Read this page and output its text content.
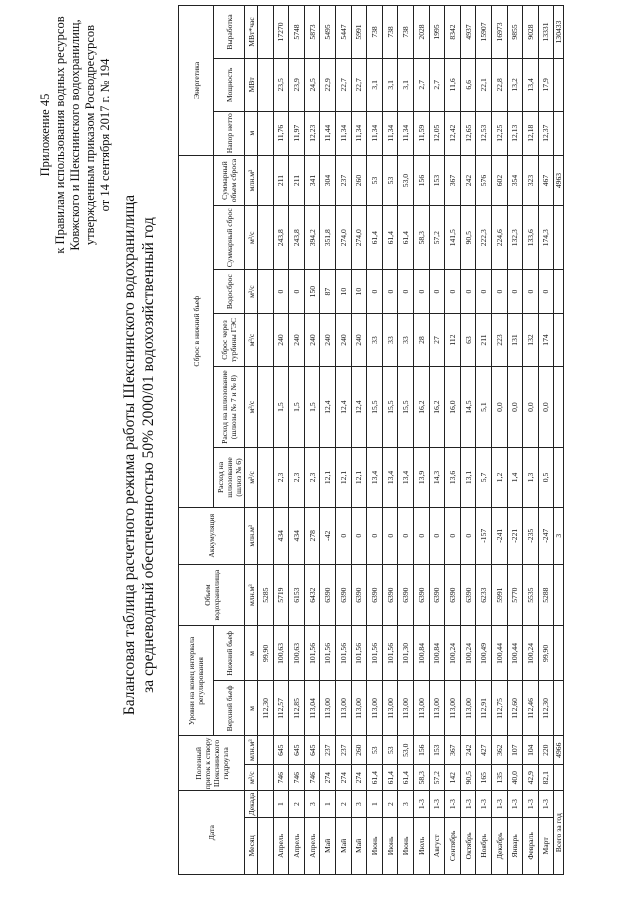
Приложение 45 к Правилам использования водных ресурсов Ковжского и Шекснинского водохранилищ, утвержденным приказом Росводресурсов от 14 сентября 2017 г. № 194
Балансовая таблица расчетного режима работы Шекснинского водохранилища за средневодный обеспеченностью 50% 2000/01 водохозяйственный год
Дата		Полезный приток к створу Шекснинского гидроузла		Уровни на конец интервала регулирования		Объем водохранилища	Аккумуляция	Сброс в нижний бьеф						Энергетика		
				Верхний бьеф	Нижний бьеф			Расход на шлюзование (шлюз № 6)	Расход на шлюзование (шлюзы № 7 и № 8)	Сброс через турбины ГЭС	Водосброс	Суммарный сброс	Суммарный объем сброса	Напор нетто	Мощность	Выработка
Месяц	Декада	м³/с	млн.м³	м	м	млн.м³	млн.м³	м³/с	м³/с	м³/с	м³/с	м³/с	млн.м³	м	МВт	МВт*час
				112,30	99,90	5285										
Апрель	1	746	645	112,57	100,63	5719	434	2,3	1,5	240	0	243,8	211	11,76	23,5	17270
Апрель	2	746	645	112,85	100,63	6153	434	2,3	1,5	240	0	243,8	211	11,97	23,9	5748
Апрель	3	746	645	113,04	101,56	6432	278	2,3	1,5	240	150	394,2	341	12,23	24,5	5873
Май	1	274	237	113,00	101,56	6390	-42	12,1	12,4	240	87	351,8	304	11,44	22,9	5495
Май	2	274	237	113,00	101,56	6390	0	12,1	12,4	240	10	274,0	237	11,34	22,7	5447
Май	3	274	260	113,00	101,56	6390	0	12,1	12,4	240	10	274,0	260	11,34	22,7	5991
Июнь	1	61,4	53	113,00	101,56	6390	0	13,4	15,5	33	0	61,4	53	11,34	3,1	738
Июнь	2	61,4	53	113,00	101,56	6390	0	13,4	15,5	33	0	61,4	53	11,34	3,1	738
Июнь	3	61,4	53,0	113,00	101,30	6390	0	13,4	15,5	33	0	61,4	53,0	11,34	3,1	738
Июль	1-3	58,3	156	113,00	100,84	6390	0	13,9	16,2	28	0	58,3	156	11,59	2,7	2028
Август	1-3	57,2	153	113,00	100,84	6390	0	14,3	16,2	27	0	57,2	153	12,05	2,7	1995
Сентябрь	1-3	142	367	113,00	100,24	6390	0	13,6	16,0	112	0	141,5	367	12,42	11,6	8342
Октябрь	1-3	90,5	242	113,00	100,24	6390	0	13,1	14,5	63	0	90,5	242	12,65	6,6	4937
Ноябрь	1-3	165	427	112,91	100,49	6233	-157	5,7	5,1	211	0	222,3	576	12,53	22,1	15907
Декабрь	1-3	135	362	112,75	100,44	5991	-241	1,2	0,0	223	0	224,6	602	12,25	22,8	16973
Январь	1-3	40,0	107	112,60	100,44	5770	-221	1,4	0,0	131	0	132,3	354	12,13	13,2	9855
Февраль	1-3	42,9	104	112,46	100,24	5535	-235	1,3	0,0	132	0	133,6	323	12,18	13,4	9028
Март	1-3	82,1	220	112,30	99,90	5288	-247	0,5	0,0	174	0	174,3	467	12,37	17,9	13331
Всего за год			4966				3						4963			130433
